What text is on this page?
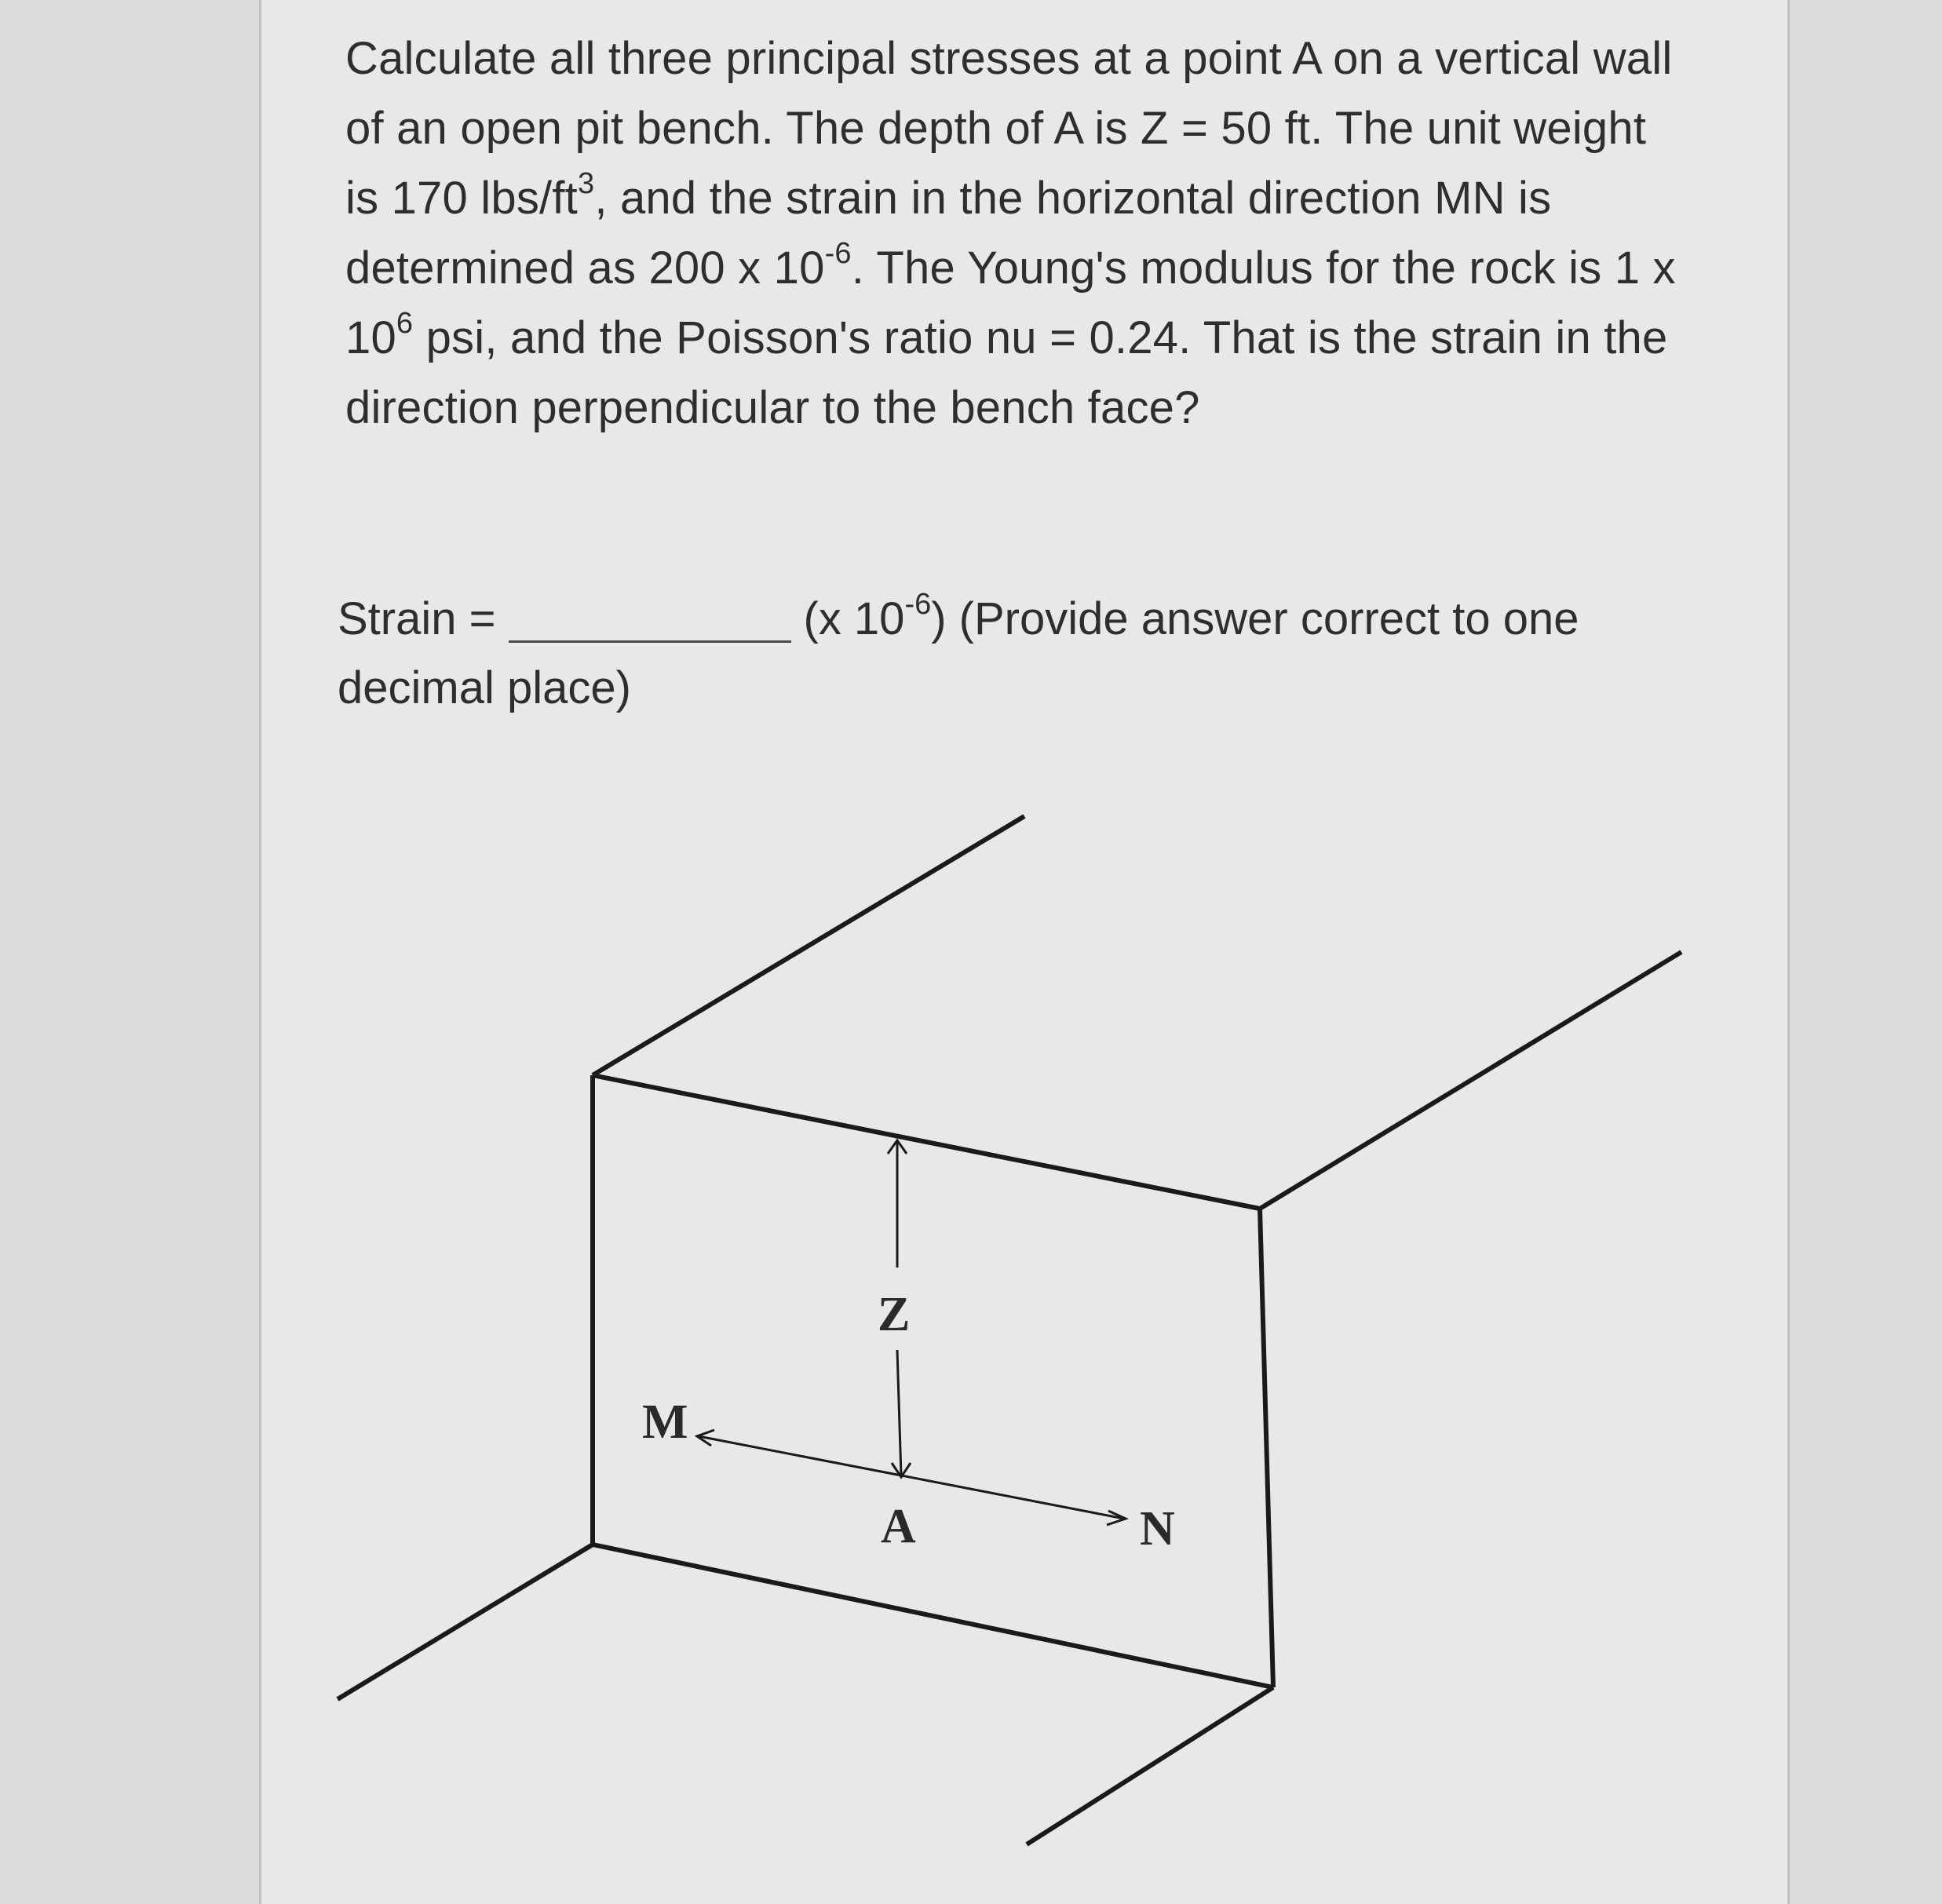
Calculate all three principal stresses at a point A on a vertical wall
of an open pit bench. The depth of A is Z = 50 ft. The unit weight
is 170 lbs/$ft^3$, and the strain in the horizontal direction MN is
determined as 200 x $10^{-6}$. The Young's modulus for the rock is 1 x
$10^6$ psi, and the Poisson's ratio nu = 0.24. That is the strain in the
direction perpendicular to the bench face?
Strain =	(x $10^{-6}$) (Provide answer correct to one
decimal place)
Z
M
A	N
